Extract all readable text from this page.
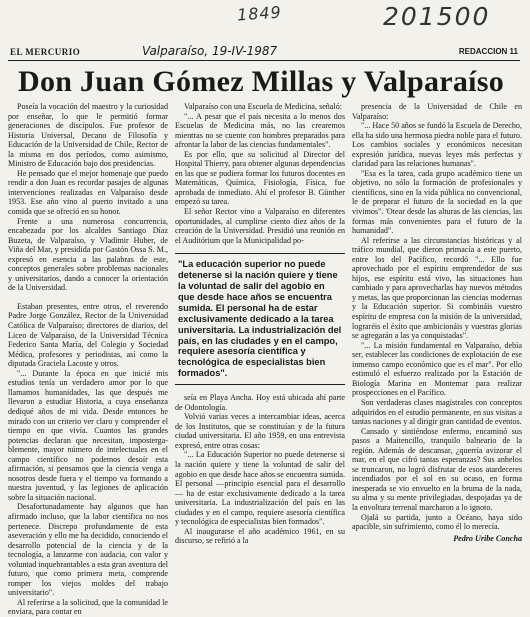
1849	201500
EL MERCURIO	Valparaíso, 19-IV-1987	REDACCION 11
Don Juan Gómez Millas y Valparaíso

Poseía la vocación del maestro y la curiosidad por enseñar, lo que le permitió formar generaciones de discípulos. Fue profesor de Historia Universal, Decano de Filosofía y Educación de la Universidad de Chile, Rector de la misma en dos períodos, como asimismo, Ministro de Educación bajo dos presidencias.

He pensado que el mejor homenaje que puedo rendir a don Juan es recordar pasajes de algunas intervenciones realizadas en Valparaíso desde 1953. Ese año vino al puerto invitado a una comida que se ofreció en su honor.

Frente a una numerosa concurrencia, encabezada por los alcaldes Santiago Díaz Buzeta, de Valparaíso, y Vladimir Huber, de Viña del Mar, y presidida por Gastón Ossa S. M., expresó en esencia a las palabras de este, conceptos generales sobre problemas nacionales y universitarios, dando a conocer la orientación de la Universidad.

Estaban presentes, entre otros, el reverendo Padre Jorge González, Rector de la Universidad Católica de Valparaíso; directores de diarios, del Liceo de Valparaíso, de la Universidad Técnica Federico Santa María, del Colegio y Sociedad Médica, profesores y periodistas, así como la diputada Graciela Lacoste y otros.

"... Durante la época en que inicié mis estudios tenía un verdadero amor por lo que llamamos humanidades, las que después me llevaron a estudiar Historia, a cuya enseñanza dediqué años de mi vida. Desde entonces he mirado con un criterio ver claro y comprender el tiempo en que vivía. Cuantos las grandes potencias declaran que necesitan, impostergablemente, mayor número de intelectuales en el campo científico no podemos desoír esta afirmación, si pensamos que la ciencia venga a nosotros desde fuera y el tiempo va formando a nuestra juventud, y las legiones de aplicación sobre la situación nacional.

Desafortunadamente hay algunos que han afirmado incluso, que la labor científica no nos pertenece. Discrepo profundamente de esta aseveración y ello me ha decidido, conociendo el desarrollo potencial de la ciencia y de la tecnología, a lanzarme con audacia, con valor y voluntad inquebrantables a esta gran aventura del futuro, que como primera meta, comprende romper los viejos moldes del trabajo universitario".

Al referirse a la solicitud, que la comunidad le enviara, para contar en

Valparaíso con una Escuela de Medicina, señaló:

"... A pesar que el país necesita a lo menos dos Escuelas de Medicina más, no las crearemos mientras no se cuente con hombres preparados para afrontar la labor de las ciencias fundamentales".

Es por ello, que su solicitud al Director del Hospital Thierry, para obtener algunas dependencias en las que se pudiera formar los futuros docentes en Matemáticas, Química, Fisiología, Física, fue aprobada de inmediato. Ahí el profesor B. Günther empezó su tarea.

El señor Rector vino a Valparaíso en diferentes oportunidades, al cumplirse ciento diez años de la creación de la Universidad. Presidió una reunión en el Auditórium que la Municipalidad po-

"La educación superior no puede detenerse si la nación quiere y tiene la voluntad de salir del agobio en que desde hace años se encuentra sumida. El personal ha de estar exclusivamente dedicado a la tarea universitaria. La industrialización del país, en las ciudades y en el campo, requiere asesoría científica y tecnológica de especialistas bien formados".

seía en Playa Ancha. Hoy está ubicada ahí parte de Odontología.

Volvió varias veces a intercambiar ideas, acerca de los Institutos, que se constituían y de la futura ciudad universitaria. El año 1959, en una entrevista expresó, entre otras cosas:

"... La Educación Superior no puede detenerse si la nación quiere y tiene la voluntad de salir del agobio en que desde hace años se encuentra sumida. El personal —principio esencial para el desarrollo— ha de estar exclusivamente dedicado a la tarea universitaria. La industrialización del país en las ciudades y en el campo, requiere asesoría científica y tecnológica de especialistas bien formados".

Al inaugurarse el año académico 1961, en su discurso, se refirió a la

presencia de la Universidad de Chile en Valparaíso:

"... Hace 50 años se fundó la Escuela de Derecho, ella ha sido una hermosa piedra noble para el futuro. Los cambios sociales y económicos necesitan expresión jurídica, nuevas leyes más perfectas y claridad para las relaciones humanas".

"Esa es la tarea, cada grupo académico tiene un objetivo, no sólo la formación de profesionales y científicos, sino en la vida pública no convencional, le de preparar el futuro de la sociedad en la que vivimos". 'Otear desde las alturas de las ciencias, las formas más convenientes para el futuro de la humanidad".

Al referirse a las circunstancias históricas y al tráfico mundial, que dieron primacía a este puerto, entre los del Pacífico, recordó "... Ello fue aprovechado por el espíritu emprendedor de sus hijos, ese espíritu está vivo, las situaciones han cambiado y para aprovecharlas hay nuevos métodos y metas, las que proporcionan las ciencias modernas y la Educación superior. Si combináis vuestro espíritu de empresa con la misión de la universidad, lograréis el éxito que ambicionáis y vuestras glorias se agregarán a las ya conquistadas".

"... La misión fundamental en Valparaíso, debía ser, establecer las condiciones de explotación de ese inmenso campo económico que es el mar". Por ello estimuló el esfuerzo realizado por la Estación de Biología Marina en Montemar para realizar prospecciones en el Pacífico.

Son verdaderas clases magistrales con conceptos adquiridos en el estudio permanente, en sus visitas a tantas naciones y al dirigir gran cantidad de eventos.

Cansado y sintiéndose enfermo, encaminó sus pasos a Maitencillo, tranquilo balneario de la región. Además de descansar, ¿querría avizorar el mar, en el que cifró tantas esperanzas? Sus anhelos se truncaron, no logró disfrutar de esos atardeceres incendiados por el sol en su ocaso, en forma inesperada se vio envuelto en la bruma de la nada, su alma y su mente privilegiadas, despojadas ya de la envoltura terrenal marcharon a lo ignoto.

Ojalá su partida, junto a Océano, haya sido apacible, sin sufrimiento, como él lo merecía.

Pedro Uribe Concha
